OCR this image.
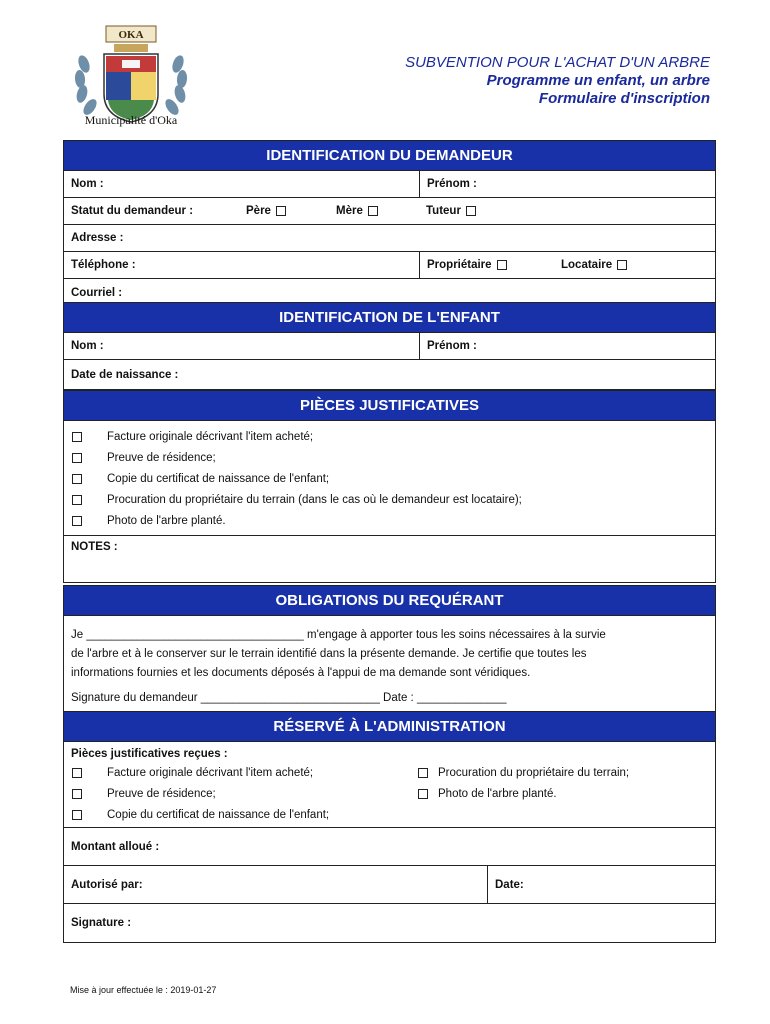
OKA
Municipalité d'Oka
SUBVENTION POUR L'ACHAT D'UN ARBRE
Programme un enfant, un arbre
Formulaire d'inscription
IDENTIFICATION DU DEMANDEUR
Nom :	Prénom :
Statut du demandeur :	Père	Mère	Tuteur
Adresse :
Téléphone :	Propriétaire	Locataire
Courriel :
IDENTIFICATION DE L'ENFANT
Nom :	Prénom :
Date de naissance :
PIÈCES JUSTIFICATIVES
Facture originale décrivant l'item acheté;
Preuve de résidence;
Copie du certificat de naissance de l'enfant;
Procuration du propriétaire du terrain (dans le cas où le demandeur est locataire);
Photo de l'arbre planté.
NOTES :
OBLIGATIONS DU REQUÉRANT

Je __________________________________ m'engage à apporter tous les soins nécessaires à la survie

de l'arbre et à le conserver sur le terrain identifié dans la présente demande. Je certifie que toutes les

informations fournies et les documents déposés à l'appui de ma demande sont véridiques.

Signature du demandeur ____________________________ Date : ______________

RÉSERVÉ À L'ADMINISTRATION
Pièces justificatives reçues :
Facture originale décrivant l'item acheté;
Preuve de résidence;
Copie du certificat de naissance de l'enfant;
Procuration du propriétaire du terrain;
Photo de l'arbre planté.
Montant alloué :
Autorisé par:	Date:
Signature :
Mise à jour effectuée le : 2019-01-27
